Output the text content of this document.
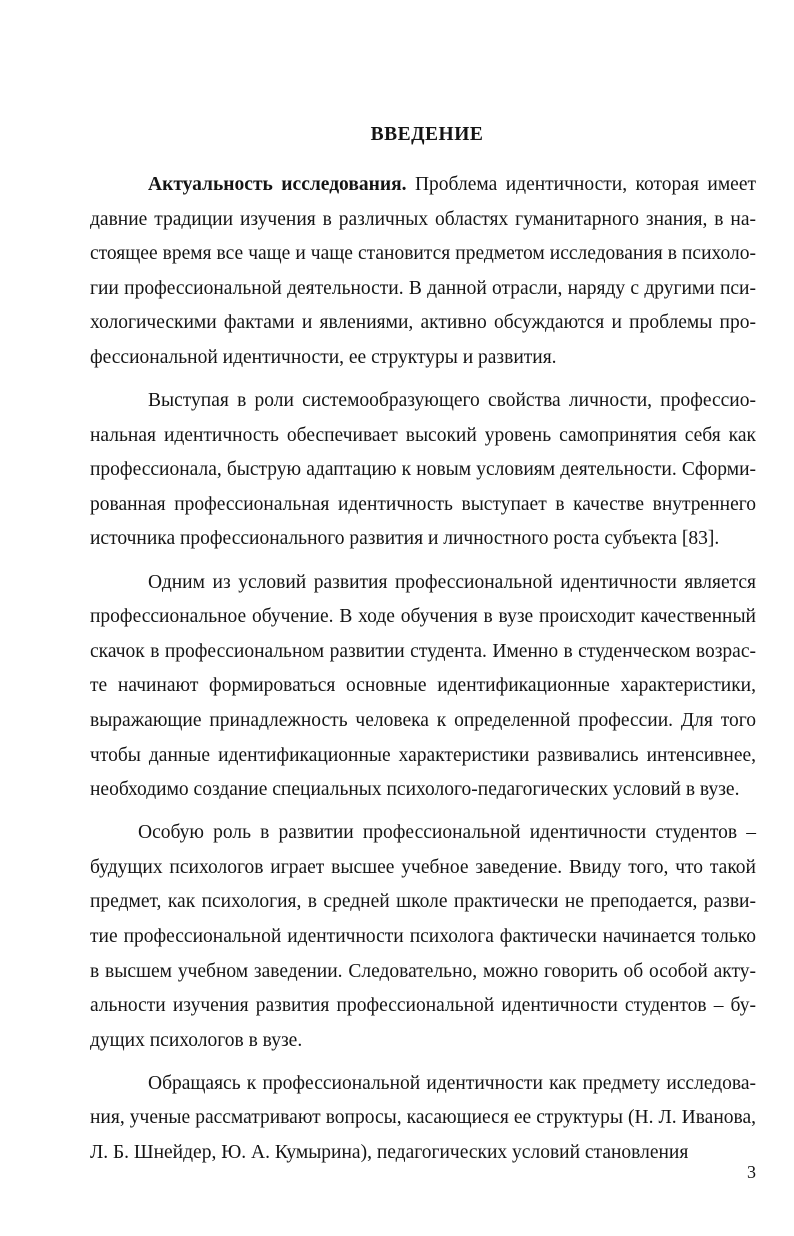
ВВЕДЕНИЕ

Актуальность исследования. Проблема идентичности, которая имеет давние традиции изучения в различных областях гуманитарного знания, в настоящее время все чаще и чаще становится предметом исследования в психологии профессиональной деятельности. В данной отрасли, наряду с другими психологическими фактами и явлениями, активно обсуждаются и проблемы профессиональной идентичности, ее структуры и развития.

Выступая в роли системообразующего свойства личности, профессиональная идентичность обеспечивает высокий уровень самопринятия себя как профессионала, быструю адаптацию к новым условиям деятельности. Сформированная профессиональная идентичность выступает в качестве внутреннего источника профессионального развития и личностного роста субъекта [83].

Одним из условий развития профессиональной идентичности является профессиональное обучение. В ходе обучения в вузе происходит качественный скачок в профессиональном развитии студента. Именно в студенческом возрасте начинают формироваться основные идентификационные характеристики, выражающие принадлежность человека к определенной профессии. Для того чтобы данные идентификационные характеристики развивались интенсивнее, необходимо создание специальных психолого-педагогических условий в вузе.

Особую роль в развитии профессиональной идентичности студентов – будущих психологов играет высшее учебное заведение. Ввиду того, что такой предмет, как психология, в средней школе практически не преподается, развитие профессиональной идентичности психолога фактически начинается только в высшем учебном заведении. Следовательно, можно говорить об особой актуальности изучения развития профессиональной идентичности студентов – будущих психологов в вузе.

Обращаясь к профессиональной идентичности как предмету исследования, ученые рассматривают вопросы, касающиеся ее структуры (Н. Л. Иванова, Л. Б. Шнейдер, Ю. А. Кумырина), педагогических условий становления

3
